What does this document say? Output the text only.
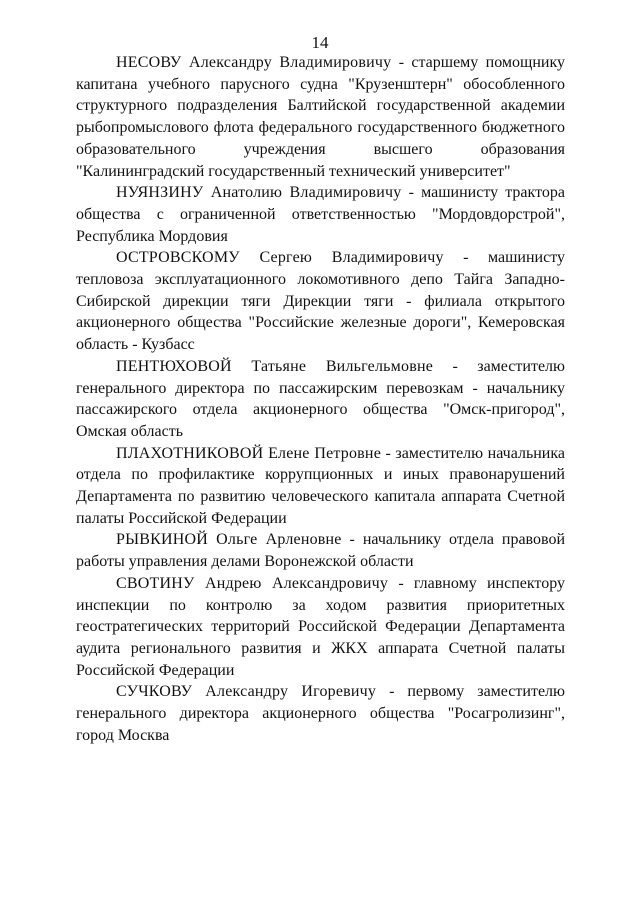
14

НЕСОВУ Александру Владимировичу - старшему помощнику капитана учебного парусного судна "Крузенштерн" обособленного структурного подразделения Балтийской государственной академии рыбопромыслового флота федерального государственного бюджетного образовательного учреждения высшего образования "Калининградский государственный технический университет"

НУЯНЗИНУ Анатолию Владимировичу - машинисту трактора общества с ограниченной ответственностью "Мордовдорстрой", Республика Мордовия

ОСТРОВСКОМУ Сергею Владимировичу - машинисту тепловоза эксплуатационного локомотивного депо Тайга Западно-Сибирской дирекции тяги Дирекции тяги - филиала открытого акционерного общества "Российские железные дороги", Кемеровская область - Кузбасс

ПЕНТЮХОВОЙ Татьяне Вильгельмовне - заместителю генерального директора по пассажирским перевозкам - начальнику пассажирского отдела акционерного общества "Омск-пригород", Омская область

ПЛАХОТНИКОВОЙ Елене Петровне - заместителю начальника отдела по профилактике коррупционных и иных правонарушений Департамента по развитию человеческого капитала аппарата Счетной палаты Российской Федерации

РЫВКИНОЙ Ольге Арленовне - начальнику отдела правовой работы управления делами Воронежской области

СВОТИНУ Андрею Александровичу - главному инспектору инспекции по контролю за ходом развития приоритетных геостратегических территорий Российской Федерации Департамента аудита регионального развития и ЖКХ аппарата Счетной палаты Российской Федерации

СУЧКОВУ Александру Игоревичу - первому заместителю генерального директора акционерного общества "Росагролизинг", город Москва
